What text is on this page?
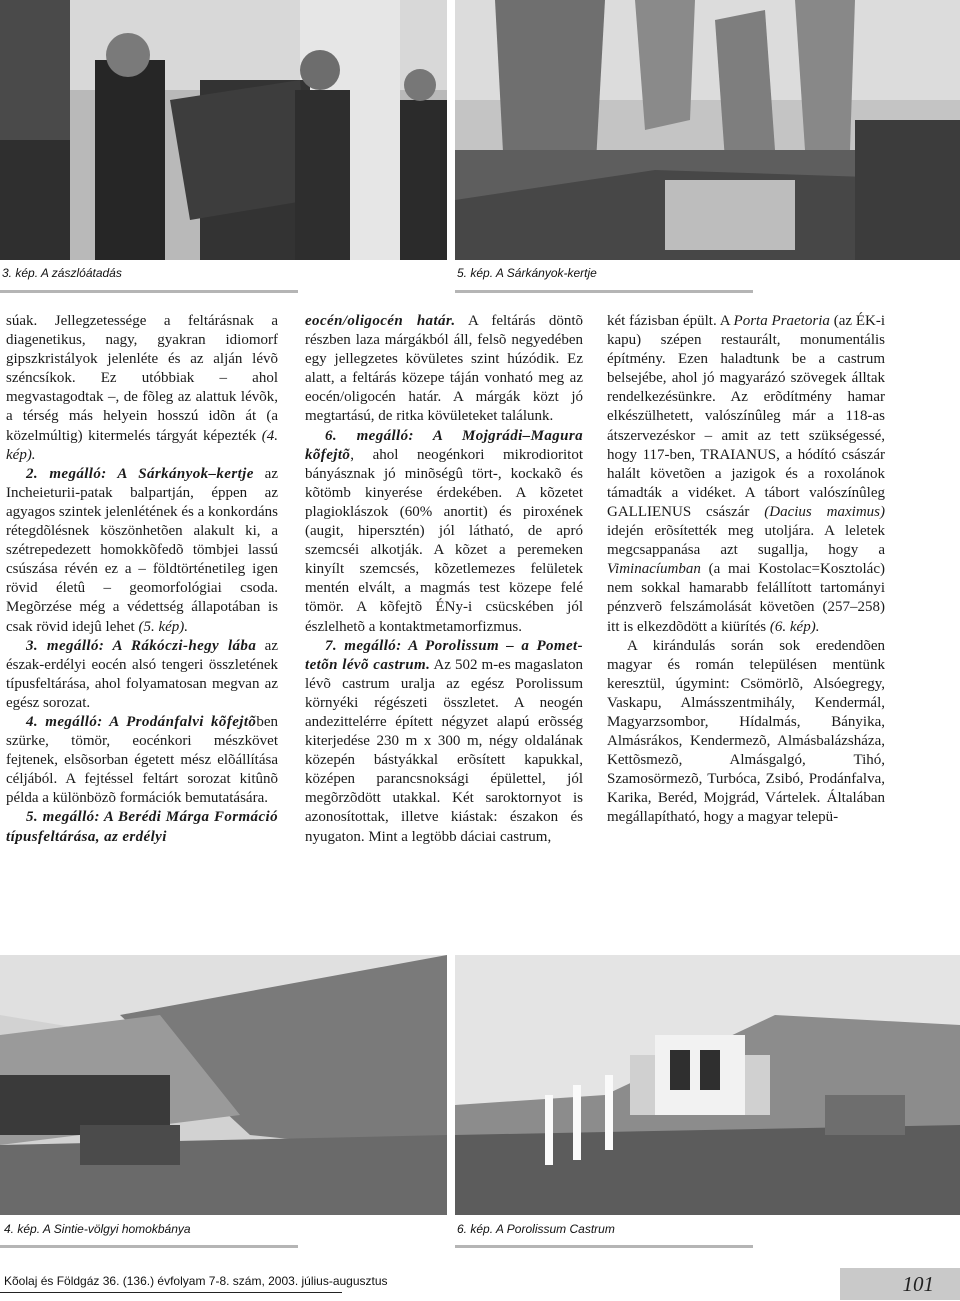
3. kép. A zászlóátadás	5. kép. A Sárkányok-kertje

súak. Jellegzetessége a feltárásnak a diagenetikus, nagy, gyakran idiomorf gipszkristályok jelenléte és az alján lévõ széncsíkok. Ez utóbbiak – ahol megvastagodtak –, de fõleg az alattuk lévõk, a térség más helyein hosszú idõn át (a közelmúltig) kitermelés tárgyát képezték (4. kép).

2. megálló: A Sárkányok–kertje az Incheieturii-patak balpartján, éppen az agyagos szintek jelenlétének és a konkordáns rétegdõlésnek köszönhetõen alakult ki, a szétrepedezett homokkõfedõ tömbjei lassú csúszása révén ez a – földtörténetileg igen rövid életû – geomorfológiai csoda. Megõrzése még a védettség állapotában is csak rövid idejû lehet (5. kép).

3. megálló: A Rákóczi-hegy lába az észak-erdélyi eocén alsó tengeri összletének típusfeltárása, ahol folyamatosan megvan az egész sorozat.

4. megálló: A Prodánfalvi kõfejtõben szürke, tömör, eocénkori mészkövet fejtenek, elsõsorban égetett mész elõállítása céljából. A fejtéssel feltárt sorozat kitûnõ példa a különbözõ formációk bemutatására.

5. megálló: A Berédi Márga Formáció típusfeltárása, az erdélyi

eocén/oligocén határ. A feltárás döntõ részben laza márgákból áll, felsõ negyedében egy jellegzetes kövületes szint húzódik. Ez alatt, a feltárás közepe táján vonható meg az eocén/oligocén határ. A márgák közt jó megtartású, de ritka kövületeket találunk.

6. megálló: A Mojgrádi–Magura kõfejtõ, ahol neogénkori mikrodioritot bányásznak jó minõségû tört-, kockakõ és kõtömb kinyerése érdekében. A kõzetet plagioklászok (60% anortit) és piroxének (augit, hipersztén) jól látható, de apró szemcséi alkotják. A kõzet a peremeken kinyílt szemcsés, kõzetlemezes felületek mentén elvált, a magmás test közepe felé tömör. A kõfejtõ ÉNy-i csücskében jól észlelhetõ a kontaktmetamorfizmus.

7. megálló: A Porolissum – a Pomet-tetõn lévõ castrum. Az 502 m-es magaslaton lévõ castrum uralja az egész Porolissum környéki régészeti összletet. A neogén andezittelérre épített négyzet alapú erõsség kiterjedése 230 m x 300 m, négy oldalának közepén bástyákkal erõsített kapukkal, középen parancsnoksági épülettel, jól megõrzõdött utakkal. Két saroktornyot is azonosítottak, illetve kiástak: északon és nyugaton. Mint a legtöbb dáciai castrum,

két fázisban épült. A Porta Praetoria (az ÉK-i kapu) szépen restaurált, monumentális építmény. Ezen haladtunk be a castrum belsejébe, ahol jó magyarázó szövegek álltak rendelkezésünkre. Az erõdítmény hamar elkészülhetett, valószínûleg már a 118-as átszervezéskor – amit az tett szükségessé, hogy 117-ben, TRAIANUS, a hódító császár halált követõen a jazigok és a roxolánok támadták a vidéket. A tábort valószínûleg GALLIENUS császár (Dacius maximus) idején erõsítették meg utoljára. A leletek megcsappanása azt sugallja, hogy a Viminacíumban (a mai Kostolac=Kosztolác) nem sokkal hamarabb felállított tartományi pénzverõ felszámolását követõen (257–258) itt is elkezdõdött a kiürítés (6. kép).

A kirándulás során sok eredendõen magyar és román településen mentünk keresztül, úgymint: Csömörlõ, Alsóegregy, Vaskapu, Almásszentmihály, Kendermál, Magyarzsombor, Hídalmás, Bányika, Almásrákos, Kendermezõ, Almásbalázsháza, Kettõsmezõ, Almásgalgó, Tihó, Szamosörmezõ, Turbóca, Zsibó, Prodánfalva, Karika, Beréd, Mojgrád, Vártelek. Általában megállapítható, hogy a magyar telepü-

4. kép. A Sintie-völgyi homokbánya	6. kép. A Porolissum Castrum
Kõolaj és Földgáz 36. (136.) évfolyam 7-8. szám, 2003. július-augusztus	101
